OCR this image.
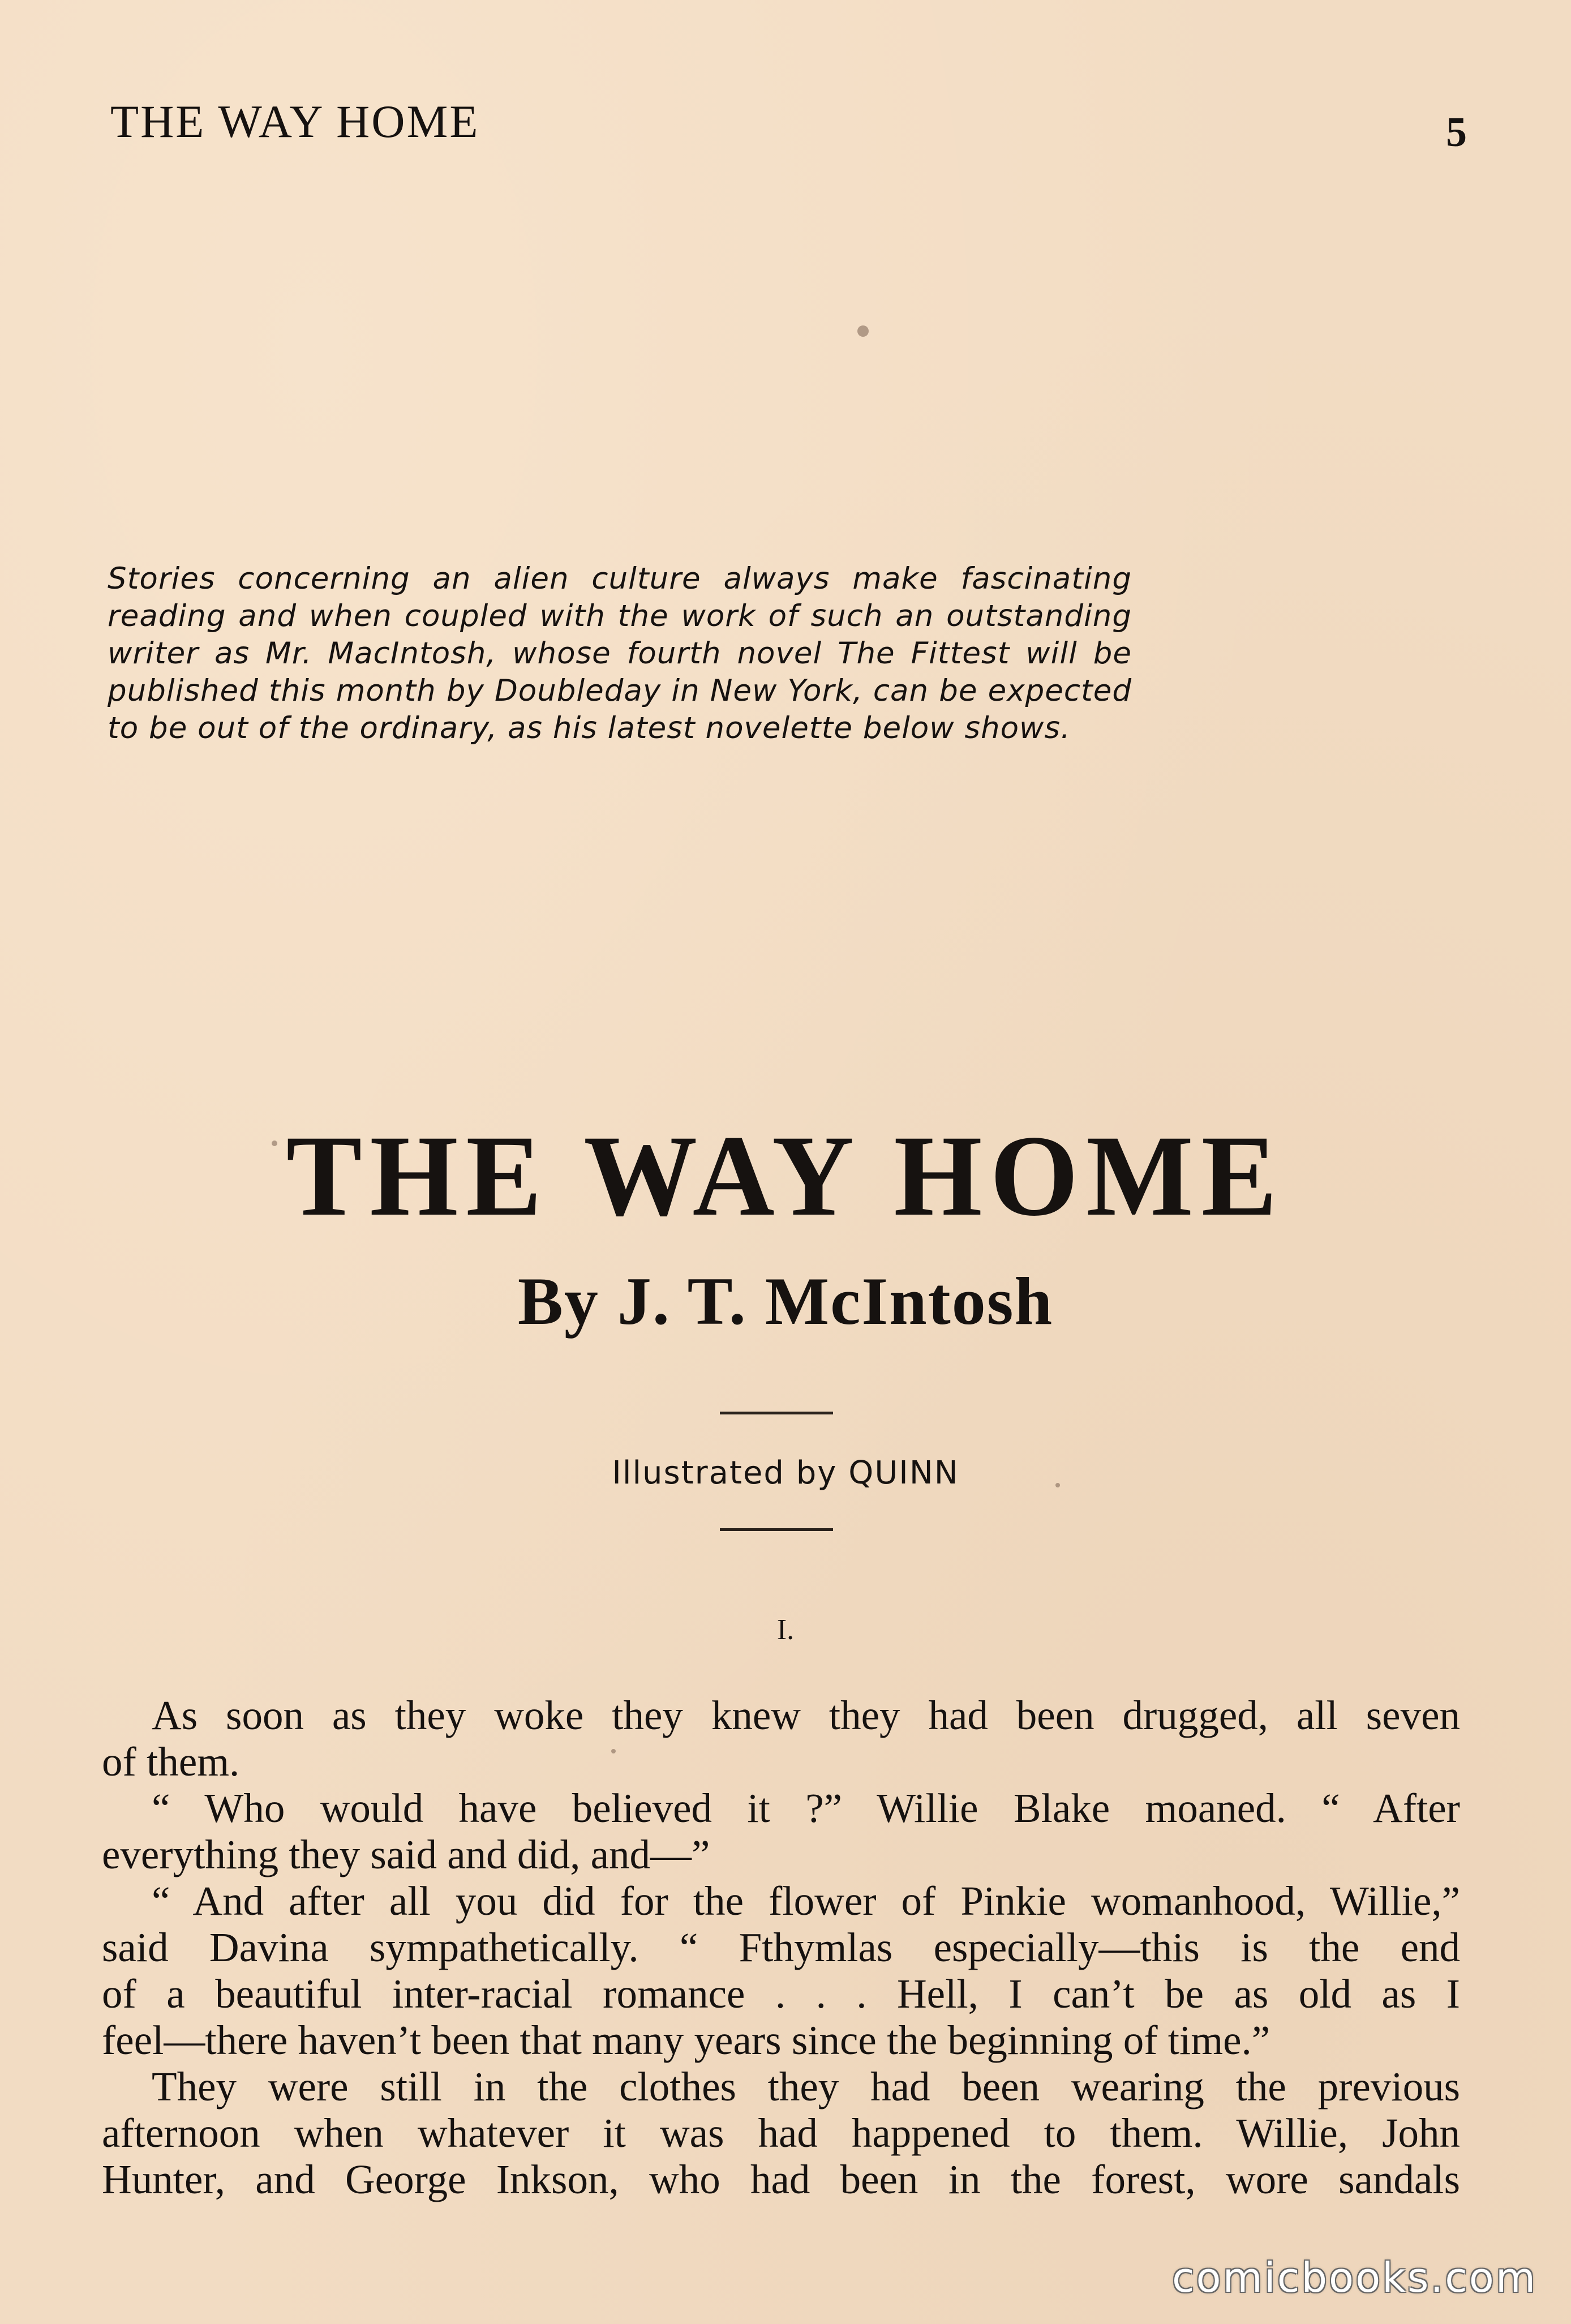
THE WAY HOME	5
Stories concerning an alien culture always make fascinating reading and when coupled with the work of such an outstanding writer as Mr. MacIntosh, whose fourth novel The Fittest will be published this month by Doubleday in New York, can be expected to be out of the ordinary, as his latest novelette below shows.
THE WAY HOME
By J. T. McIntosh
Illustrated by QUINN
I.
As soon as they woke they knew they had been drugged, all seven
of them.
“ Who would have believed it ?” Willie Blake moaned. “ After
everything they said and did, and—”
“ And after all you did for the flower of Pinkie womanhood, Willie,”
said Davina sympathetically. “ Fthymlas especially—this is the end
of a beautiful inter-racial romance . . . Hell, I can’t be as old as I
feel—there haven’t been that many years since the beginning of time.”
They were still in the clothes they had been wearing the previous
afternoon when whatever it was had happened to them. Willie, John
Hunter, and George Inkson, who had been in the forest, wore sandals
comicbooks.com
